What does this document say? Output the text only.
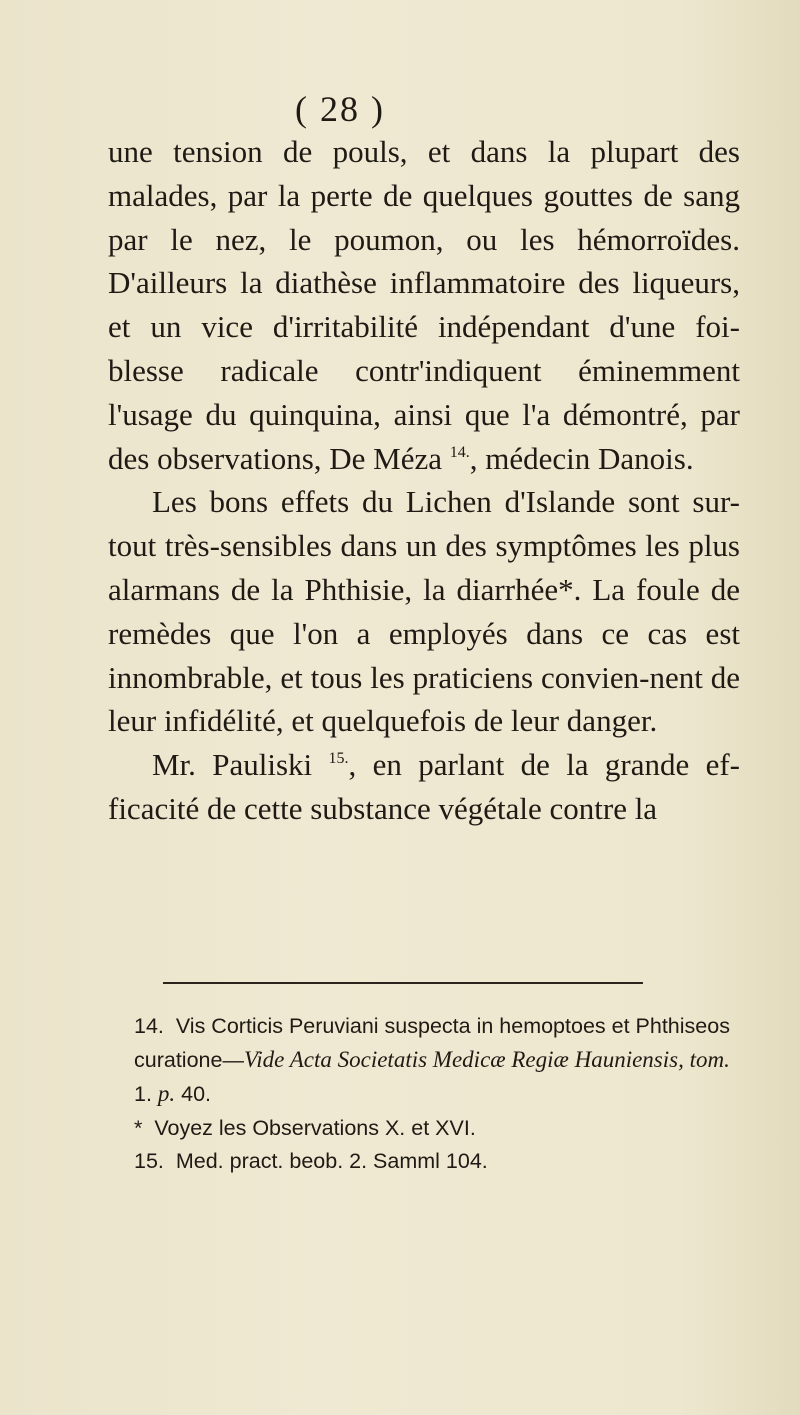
( 28 )

une tension de pouls, et dans la plupart des malades, par la perte de quelques gouttes de sang par le nez, le poumon, ou les hémorroïdes. D'ailleurs la diathèse inflammatoire des liqueurs, et un vice d'irritabilité indépendant d'une foi-blesse radicale contr'indiquent éminemment l'usage du quinquina, ainsi que l'a démontré, par des observations, De Méza $^{14.}$, médecin Danois.

Les bons effets du Lichen d'Islande sont sur-tout très-sensibles dans un des symptômes les plus alarmans de la Phthisie, la diarrhée*. La foule de remèdes que l'on a employés dans ce cas est innombrable, et tous les praticiens convien-nent de leur infidélité, et quelquefois de leur danger.

Mr. Pauliski $^{15.}$, en parlant de la grande ef-ficacité de cette substance végétale contre la

14. Vis Corticis Peruviani suspecta in hemoptoes et Phthiseos curatione—Vide Acta Societatis Medicæ Regiæ Hauniensis, tom. 1. p. 40.

* Voyez les Observations X. et XVI.

15. Med. pract. beob. 2. Samml 104.
